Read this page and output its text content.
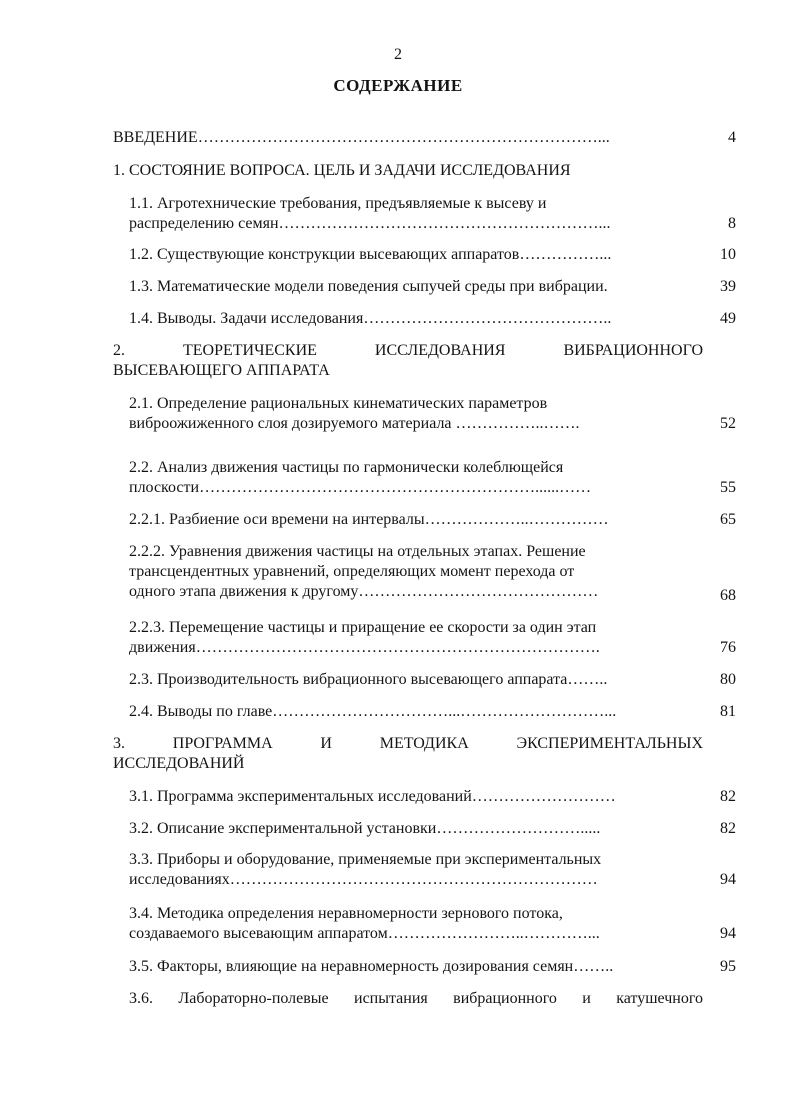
2
СОДЕРЖАНИЕ
ВВЕДЕНИЕ…………………………………………………………………...	4
1. СОСТОЯНИЕ ВОПРОСА. ЦЕЛЬ И ЗАДАЧИ ИССЛЕДОВАНИЯ
1.1. Агротехнические требования, предъявляемые к высеву и
распределению семян……………………………………………………...	8
1.2. Существующие конструкции высевающих аппаратов……………...	10
1.3. Математические модели поведения сыпучей среды при вибрации.	39
1.4. Выводы. Задачи исследования………………………………………..	49
2. ТЕОРЕТИЧЕСКИЕ ИССЛЕДОВАНИЯ ВИБРАЦИОННОГО
ВЫСЕВАЮЩЕГО АППАРАТА
2.1. Определение рациональных кинематических параметров
виброожиженного слоя дозируемого материала ……………..…….	52
2.2. Анализ движения частицы по гармонически колеблющейся
плоскости………………………………………………………......……	55
2.2.1. Разбиение оси времени на интервалы………………..……………	65
2.2.2. Уравнения движения частицы на отдельных этапах. Решение
трансцендентных уравнений, определяющих момент перехода от
одного этапа движения к другому………………………………………	68
2.2.3. Перемещение частицы и приращение ее скорости за один этап
движения………………………………………………………………….	76
2.3. Производительность вибрационного высевающего аппарата……..	80
2.4. Выводы по главе……………………………...………………………...	81
3. ПРОГРАММА И МЕТОДИКА ЭКСПЕРИМЕНТАЛЬНЫХ
ИССЛЕДОВАНИЙ
3.1. Программа экспериментальных исследований………………………	82
3.2. Описание экспериментальной установки……………………….....	82
3.3. Приборы и оборудование, применяемые при экспериментальных
исследованиях……………………………………………………………	94
3.4. Методика определения неравномерности зернового потока,
создаваемого высевающим аппаратом……………………..…………...	94
3.5. Факторы, влияющие на неравномерность дозирования семян……..	95
3.6. Лабораторно-полевые испытания вибрационного и катушечного
